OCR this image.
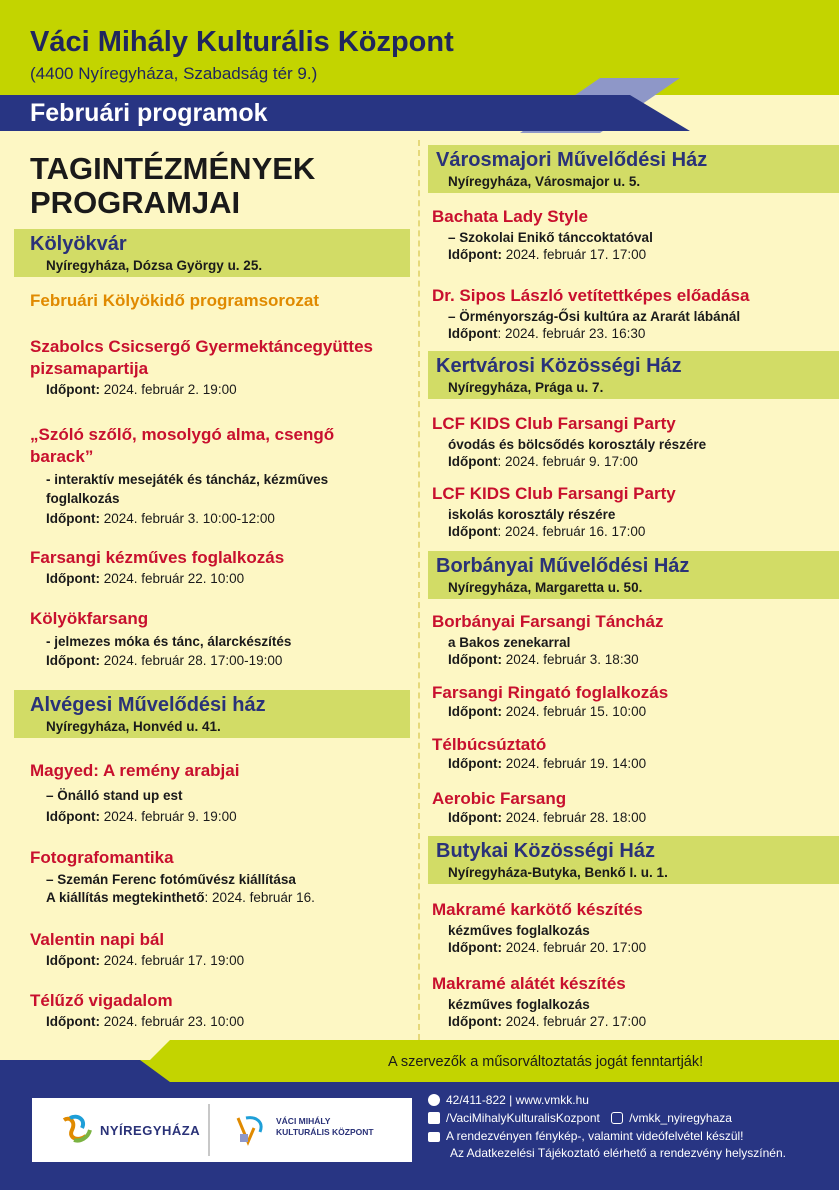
Váci Mihály Kulturális Központ
(4400 Nyíregyháza, Szabadság tér 9.)
Februári programok
TAGINTÉZMÉNYEK
PROGRAMJAI
Kölyökvár
Nyíregyháza, Dózsa György u. 25.
Februári Kölyökidő programsorozat
Szabolcs Csicsergő Gyermektáncegyüttes pizsamapartija
Időpont: 2024. február 2. 19:00
„Szóló szőlő, mosolygó alma, csengő barack”
- interaktív mesejáték és táncház, kézműves foglalkozás
Időpont: 2024. február 3. 10:00-12:00
Farsangi kézműves foglalkozás
Időpont: 2024. február 22. 10:00
Kölyökfarsang
- jelmezes móka és tánc, álarckészítés
Időpont: 2024. február 28. 17:00-19:00
Alvégesi Művelődési ház
Nyíregyháza, Honvéd u. 41.
Magyed: A remény arabjai
– Önálló stand up est
Időpont: 2024. február 9. 19:00
Fotografomantika
– Szemán Ferenc fotóművész kiállítása
A kiállítás megtekinthető: 2024. február 16.
Valentin napi bál
Időpont: 2024. február 17. 19:00
Télűző vigadalom
Időpont: 2024. február 23. 10:00
Városmajori Művelődési Ház
Nyíregyháza, Városmajor u. 5.
Bachata Lady Style
– Szokolai Enikő tánccoktatóval
Időpont: 2024. február 17. 17:00
Dr. Sipos László vetítettképes előadása
– Örményország-Ősi kultúra az Ararát lábánál
Időpont: 2024. február 23. 16:30
Kertvárosi Közösségi Ház
Nyíregyháza, Prága u. 7.
LCF KIDS Club Farsangi Party
óvodás és bölcsődés korosztály részére
Időpont: 2024. február 9. 17:00
LCF KIDS Club Farsangi Party
iskolás korosztály részére
Időpont: 2024. február 16. 17:00
Borbányai Művelődési Ház
Nyíregyháza, Margaretta u. 50.
Borbányai Farsangi Táncház
a Bakos zenekarral
Időpont: 2024. február 3. 18:30
Farsangi Ringató foglalkozás
Időpont: 2024. február 15. 10:00
Télbúcsúztató
Időpont: 2024. február 19. 14:00
Aerobic Farsang
Időpont: 2024. február 28. 18:00
Butykai Közösségi Ház
Nyíregyháza-Butyka, Benkő I. u. 1.
Makramé karkötő készítés
kézműves foglalkozás
Időpont: 2024. február 20. 17:00
Makramé alátét készítés
kézműves foglalkozás
Időpont: 2024. február 27. 17:00
A szervezők a műsorváltoztatás jogát fenntartják!
NYÍREGYHÁZA
VÁCI MIHÁLY
KULTURÁLIS KÖZPONT
42/411-822 | www.vmkk.hu
/VaciMihalyKulturalisKozpont /vmkk_nyiregyhaza
A rendezvényen fénykép-, valamint videófelvétel készül!
Az Adatkezelési Tájékoztató elérhető a rendezvény helyszínén.
